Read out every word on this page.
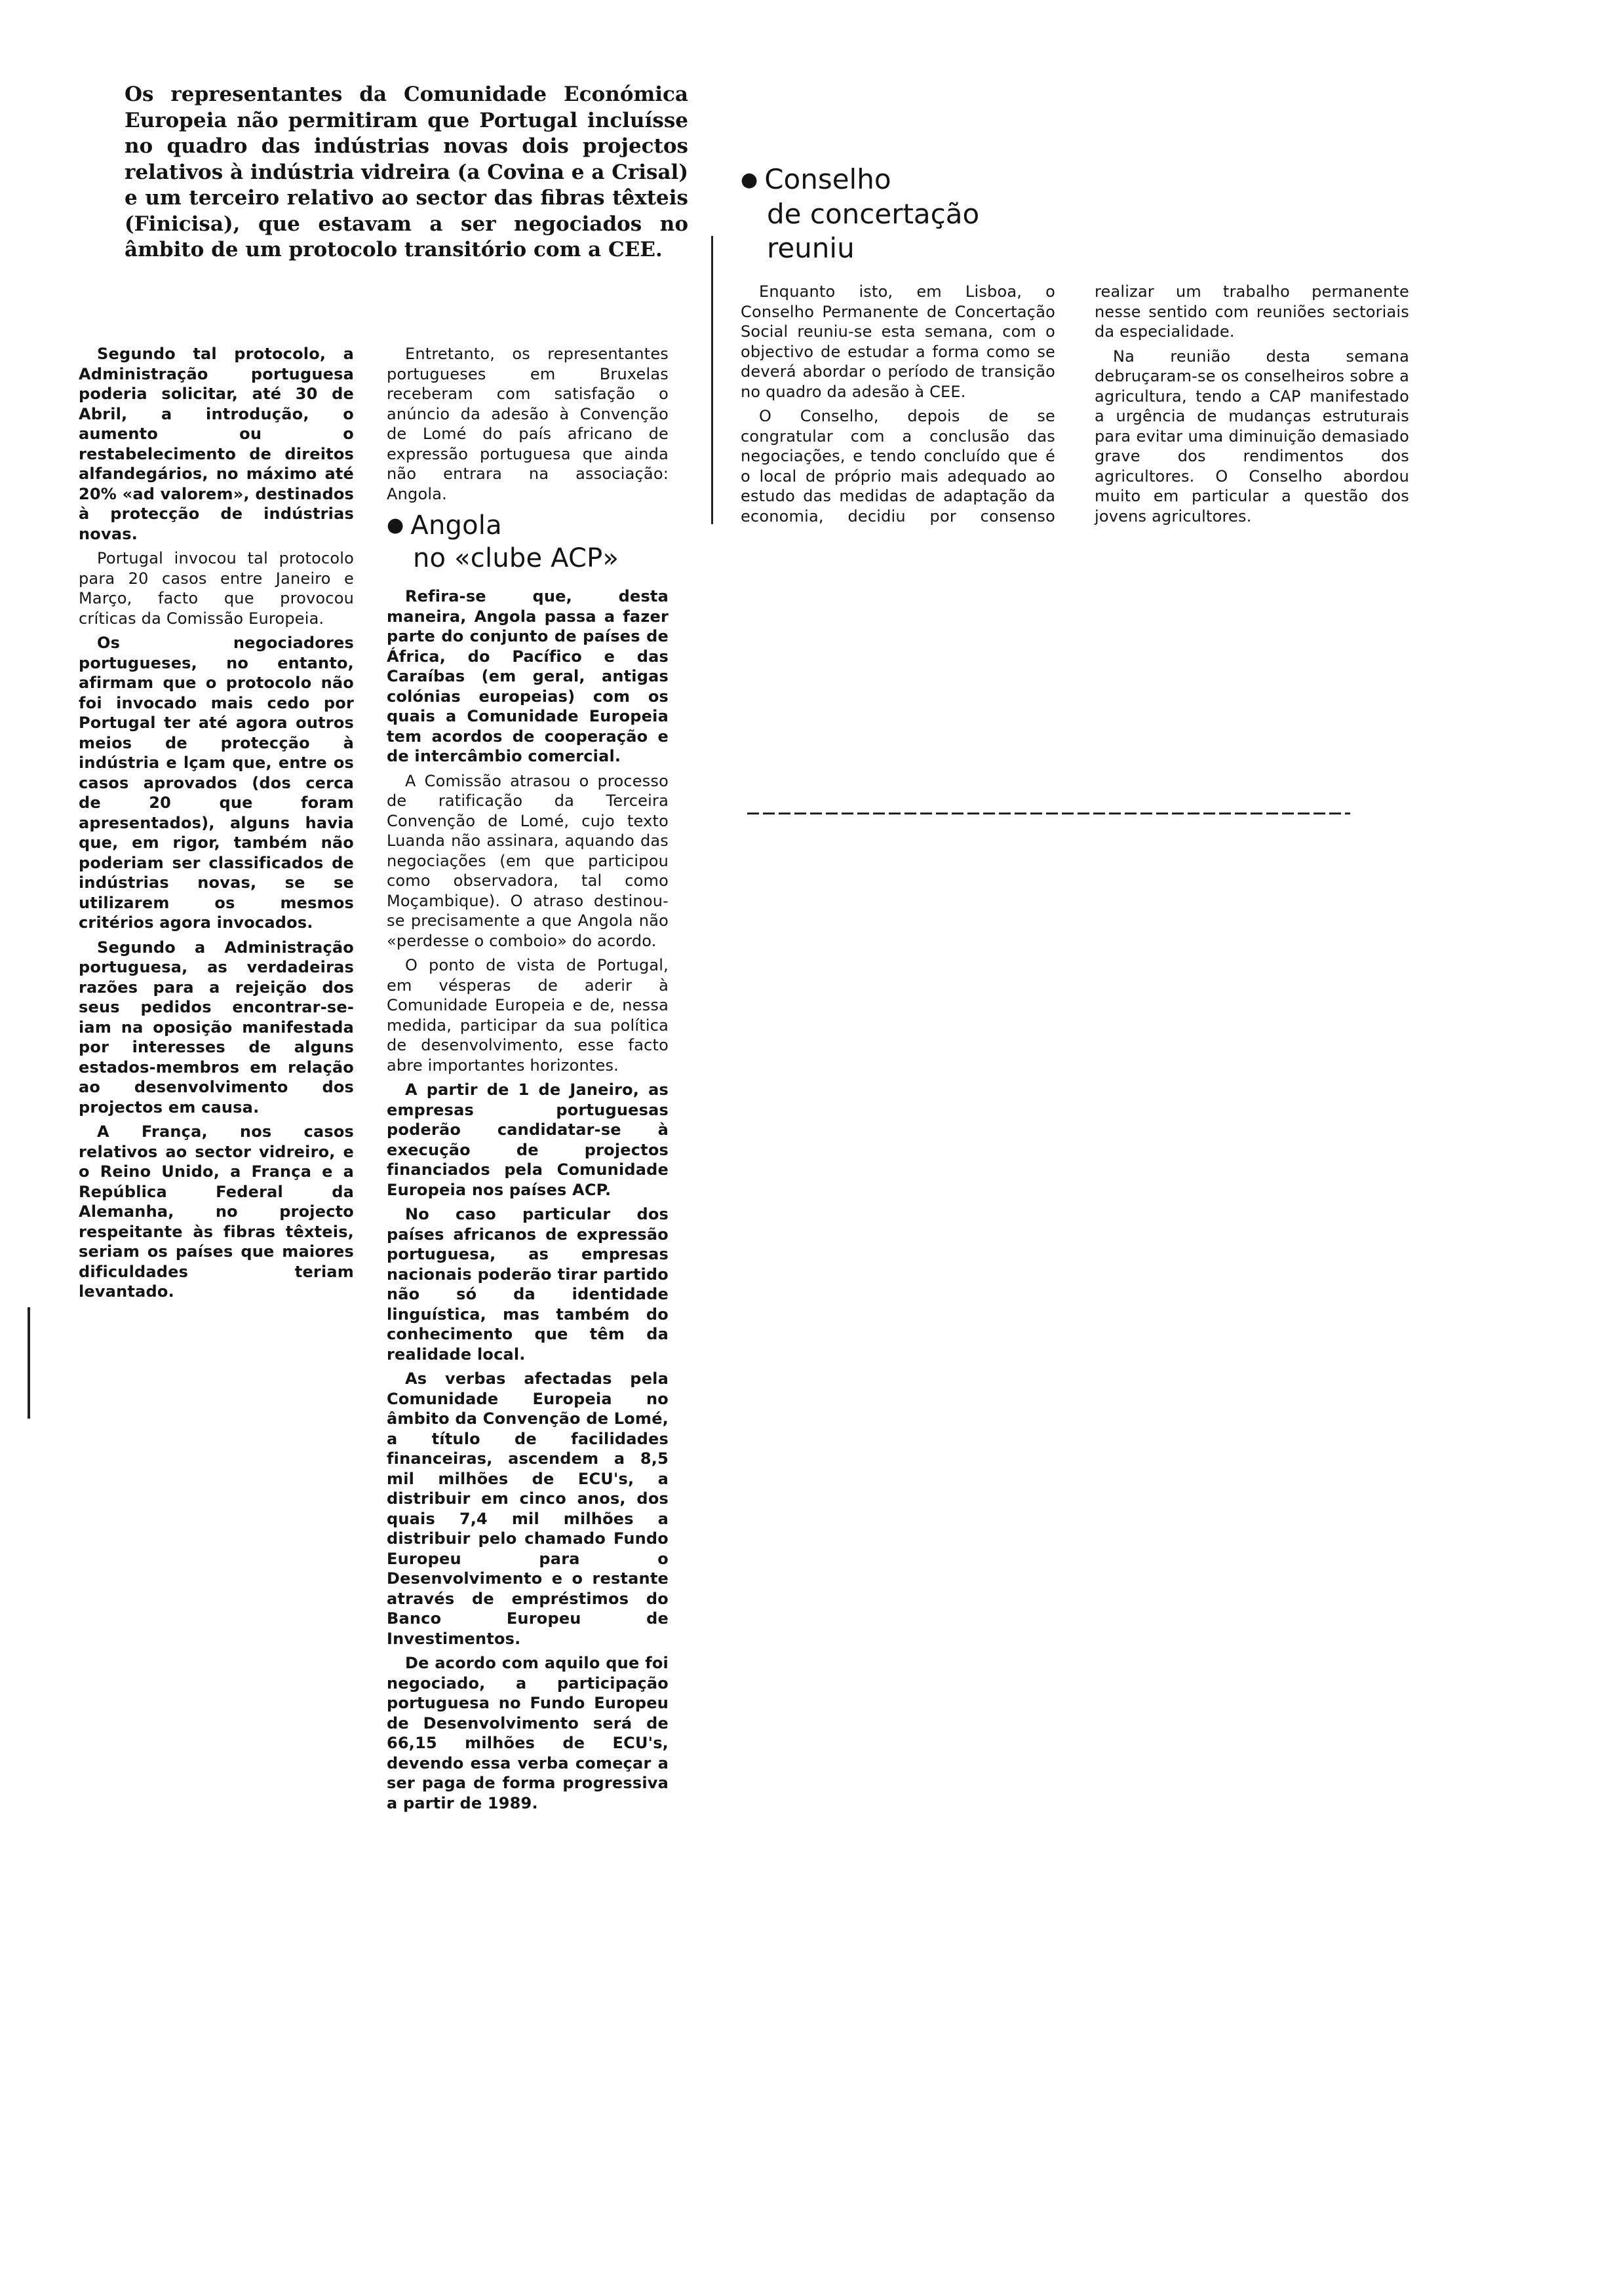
Os representantes da Comunidade Económica Europeia não permitiram que Portugal incluísse no quadro das indústrias novas dois projectos relativos à indústria vidreira (a Covina e a Crisal) e um terceiro relativo ao sector das fibras têxteis (Finicisa), que estavam a ser negociados no âmbito de um protocolo transitório com a CEE.

Segundo tal protocolo, a Administração portuguesa poderia solicitar, até 30 de Abril, a introdução, o aumento ou o restabelecimento de direitos alfandegários, no máximo até 20% «ad valorem», destinados à protecção de indústrias novas.

Portugal invocou tal protocolo para 20 casos entre Janeiro e Março, facto que provocou críticas da Comissão Europeia.

Os negociadores portugueses, no entanto, afirmam que o protocolo não foi invocado mais cedo por Portugal ter até agora outros meios de protecção à indústria e lçam que, entre os casos aprovados (dos cerca de 20 que foram apresentados), alguns havia que, em rigor, também não poderiam ser classificados de indústrias novas, se se utilizarem os mesmos critérios agora invocados.

Segundo a Administração portuguesa, as verdadeiras razões para a rejeição dos seus pedidos encontrar-se-iam na oposição manifestada por interesses de alguns estados-membros em relação ao desenvolvimento dos projectos em causa.

A França, nos casos relativos ao sector vidreiro, e o Reino Unido, a França e a República Federal da Alemanha, no projecto respeitante às fibras têxteis, seriam os países que maiores dificuldades teriam levantado.

Entretanto, os representantes portugueses em Bruxelas receberam com satisfação o anúncio da adesão à Convenção de Lomé do país africano de expressão portuguesa que ainda não entrara na associação: Angola.

● Angola
no «clube ACP»

Refira-se que, desta maneira, Angola passa a fazer parte do conjunto de países de África, do Pacífico e das Caraíbas (em geral, antigas colónias europeias) com os quais a Comunidade Europeia tem acordos de cooperação e de intercâmbio comercial.

A Comissão atrasou o processo de ratificação da Terceira Convenção de Lomé, cujo texto Luanda não assinara, aquando das negociações (em que participou como observadora, tal como Moçambique). O atraso destinou-se precisamente a que Angola não «perdesse o comboio» do acordo.

O ponto de vista de Portugal, em vésperas de aderir à Comunidade Europeia e de, nessa medida, participar da sua política de desenvolvimento, esse facto abre importantes horizontes.

A partir de 1 de Janeiro, as empresas portuguesas poderão candidatar-se à execução de projectos financiados pela Comunidade Europeia nos países ACP.

No caso particular dos países africanos de expressão portuguesa, as empresas nacionais poderão tirar partido não só da identidade linguística, mas também do conhecimento que têm da realidade local.

As verbas afectadas pela Comunidade Europeia no âmbito da Convenção de Lomé, a título de facilidades financeiras, ascendem a 8,5 mil milhões de ECU's, a distribuir em cinco anos, dos quais 7,4 mil milhões a distribuir pelo chamado Fundo Europeu para o Desenvolvimento e o restante através de empréstimos do Banco Europeu de Investimentos.

De acordo com aquilo que foi negociado, a participação portuguesa no Fundo Europeu de Desenvolvimento será de 66,15 milhões de ECU's, devendo essa verba começar a ser paga de forma progressiva a partir de 1989.

● Conselho
de concertação reuniu

Enquanto isto, em Lisboa, o Conselho Permanente de Concertação Social reuniu-se esta semana, com o objectivo de estudar a forma como se deverá abordar o período de transição no quadro da adesão à CEE.

O Conselho, depois de se congratular com a conclusão das negociações, e tendo concluído que é o local de próprio mais adequado ao estudo das medidas de adaptação da economia, decidiu por consenso realizar um trabalho permanente nesse sentido com reuniões sectoriais da especialidade.

Na reunião desta semana debruçaram-se os conselheiros sobre a agricultura, tendo a CAP manifestado a urgência de mudanças estruturais para evitar uma diminuição demasiado grave dos rendimentos dos agricultores. O Conselho abordou muito em particular a questão dos jovens agricultores.
